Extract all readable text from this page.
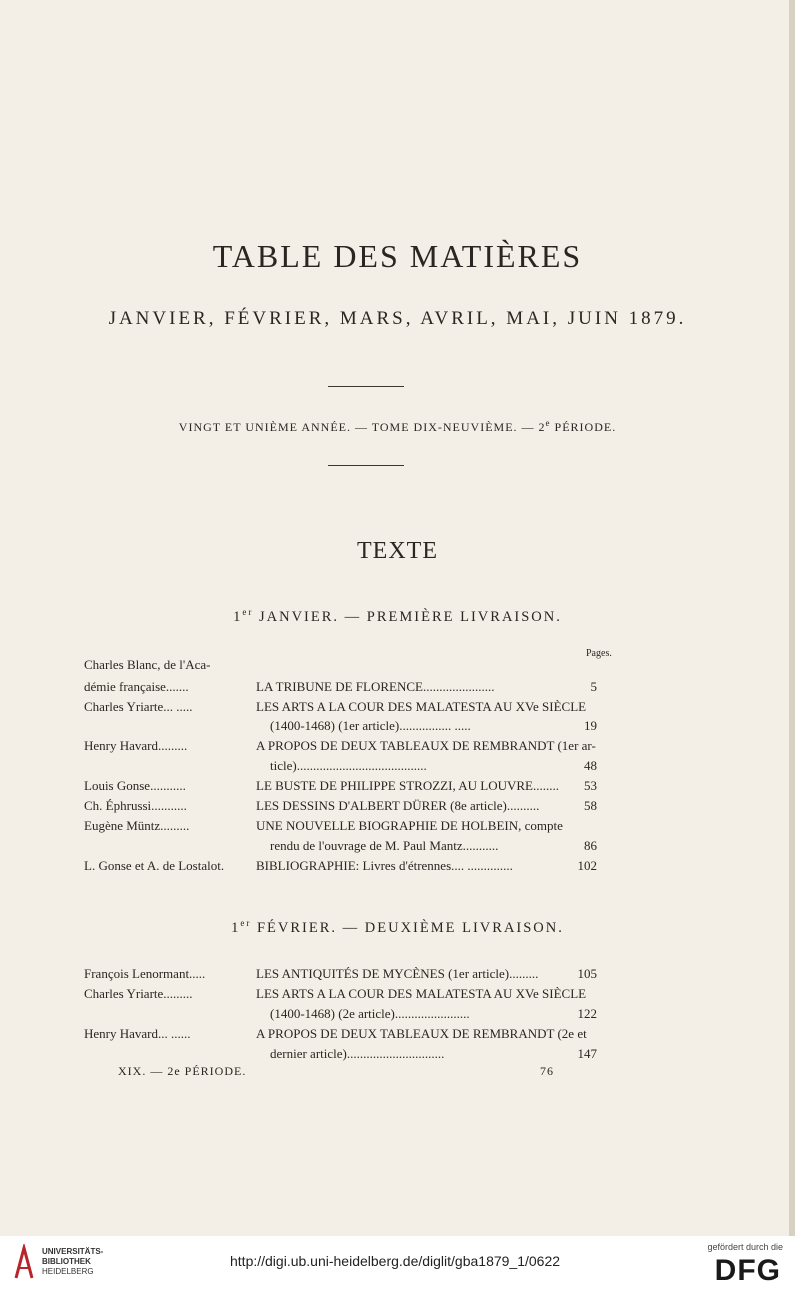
TABLE DES MATIÈRES
JANVIER, FÉVRIER, MARS, AVRIL, MAI, JUIN 1879.
VINGT ET UNIÈME ANNÉE. — TOME DIX-NEUVIÈME. — 2e PÉRIODE.
TEXTE
1er JANVIER. — PREMIÈRE LIVRAISON.
Pages.
Charles Blanc, de l'Aca-
démie française.......	LA TRIBUNE DE FLORENCE......................	5
Charles Yriarte... .....	LES ARTS A LA COUR DES MALATESTA AU XVe SIÈCLE
(1400-1468) (1er article)................ .....	19
Henry Havard.........	A PROPOS DE DEUX TABLEAUX DE REMBRANDT (1er ar-
ticle)........................................	48
Louis Gonse...........	LE BUSTE DE PHILIPPE STROZZI, AU LOUVRE........ 53
Ch. Éphrussi...........	LES DESSINS D'ALBERT DÜRER (8e article)..........	58
Eugène Müntz.........	UNE NOUVELLE BIOGRAPHIE DE HOLBEIN, compte
rendu de l'ouvrage de M. Paul Mantz...........	86
L. Gonse et A. de Lostalot. BIBLIOGRAPHIE: Livres d'étrennes.... ..............	102
1er FÉVRIER. — DEUXIÈME LIVRAISON.
François Lenormant.....	LES ANTIQUITÉS DE MYCÈNES (1er article).........	105
Charles Yriarte.........	LES ARTS A LA COUR DES MALATESTA AU XVe SIÈCLE
(1400-1468) (2e article).......................	122
Henry Havard... ......	A PROPOS DE DEUX TABLEAUX DE REMBRANDT (2e et
dernier article)..............................	147
XIX. — 2e PÉRIODE.	76
UNIVERSITÄTS-
BIBLIOTHEK
HEIDELBERG
http://digi.ub.uni-heidelberg.de/diglit/gba1879_1/0622
gefördert durch die
DFG
